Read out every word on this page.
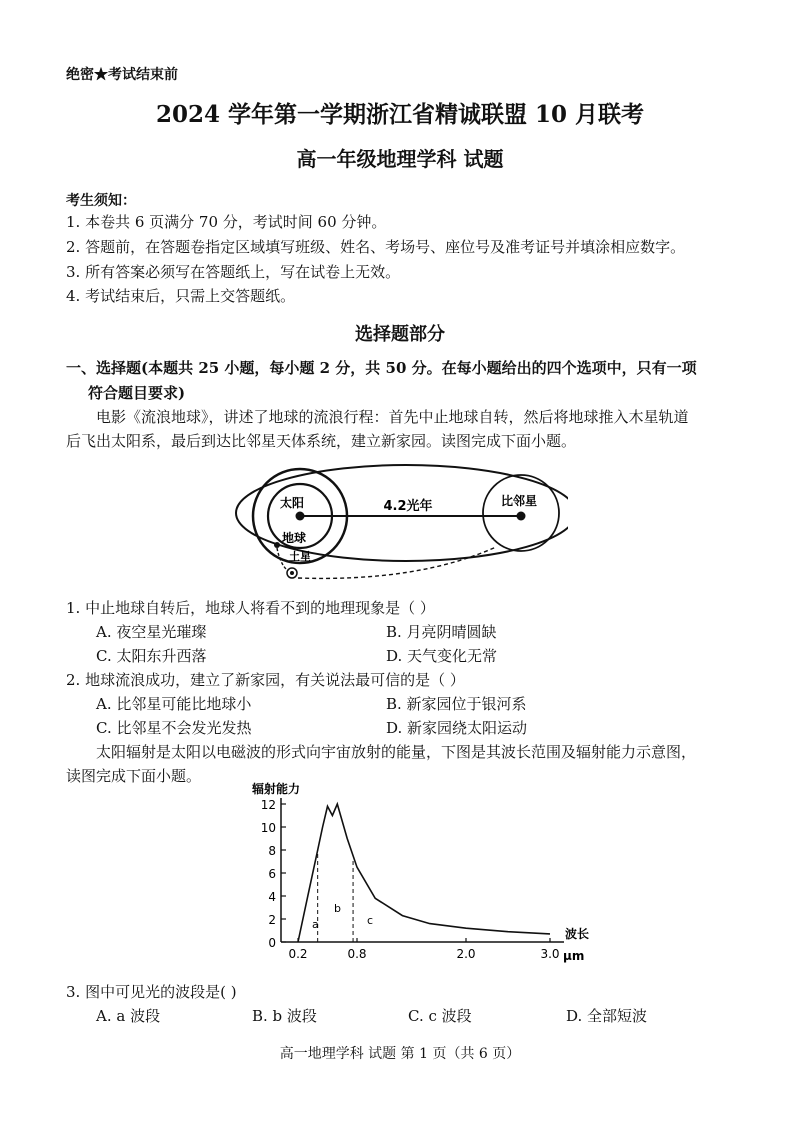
绝密★考试结束前
2024 学年第一学期浙江省精诚联盟 10 月联考
高一年级地理学科 试题
考生须知：
1. 本卷共 6 页满分 70 分，考试时间 60 分钟。
2. 答题前，在答题卷指定区域填写班级、姓名、考场号、座位号及准考证号并填涂相应数字。
3. 所有答案必须写在答题纸上，写在试卷上无效。
4. 考试结束后，只需上交答题纸。
选择题部分
一、选择题(本题共 25 小题，每小题 2 分，共 50 分。在每小题给出的四个选项中，只有一项
符合题目要求)
电影《流浪地球》，讲述了地球的流浪行程：首先中止地球自转，然后将地球推入木星轨道
后飞出太阳系，最后到达比邻星天体系统，建立新家园。读图完成下面小题。
太阳	4.2光年	比邻星
地球
土星
1. 中止地球自转后，地球人将看不到的地理现象是（ ）
A. 夜空星光璀璨	B. 月亮阴晴圆缺
C. 太阳东升西落	D. 天气变化无常
2. 地球流浪成功，建立了新家园，有关说法最可信的是（ ）
A. 比邻星可能比地球小	B. 新家园位于银河系
C. 比邻星不会发光发热	D. 新家园绕太阳运动
太阳辐射是太阳以电磁波的形式向宇宙放射的能量，下图是其波长范围及辐射能力示意图，
读图完成下面小题。
辐射能力
0
2
4
6
8
10
12
0.2	0.8	2.0	3.0
a
b
c
波长
μm
3. 图中可见光的波段是( )
A. a 波段	B. b 波段	C. c 波段	D. 全部短波
高一地理学科 试题 第 1 页（共 6 页）
